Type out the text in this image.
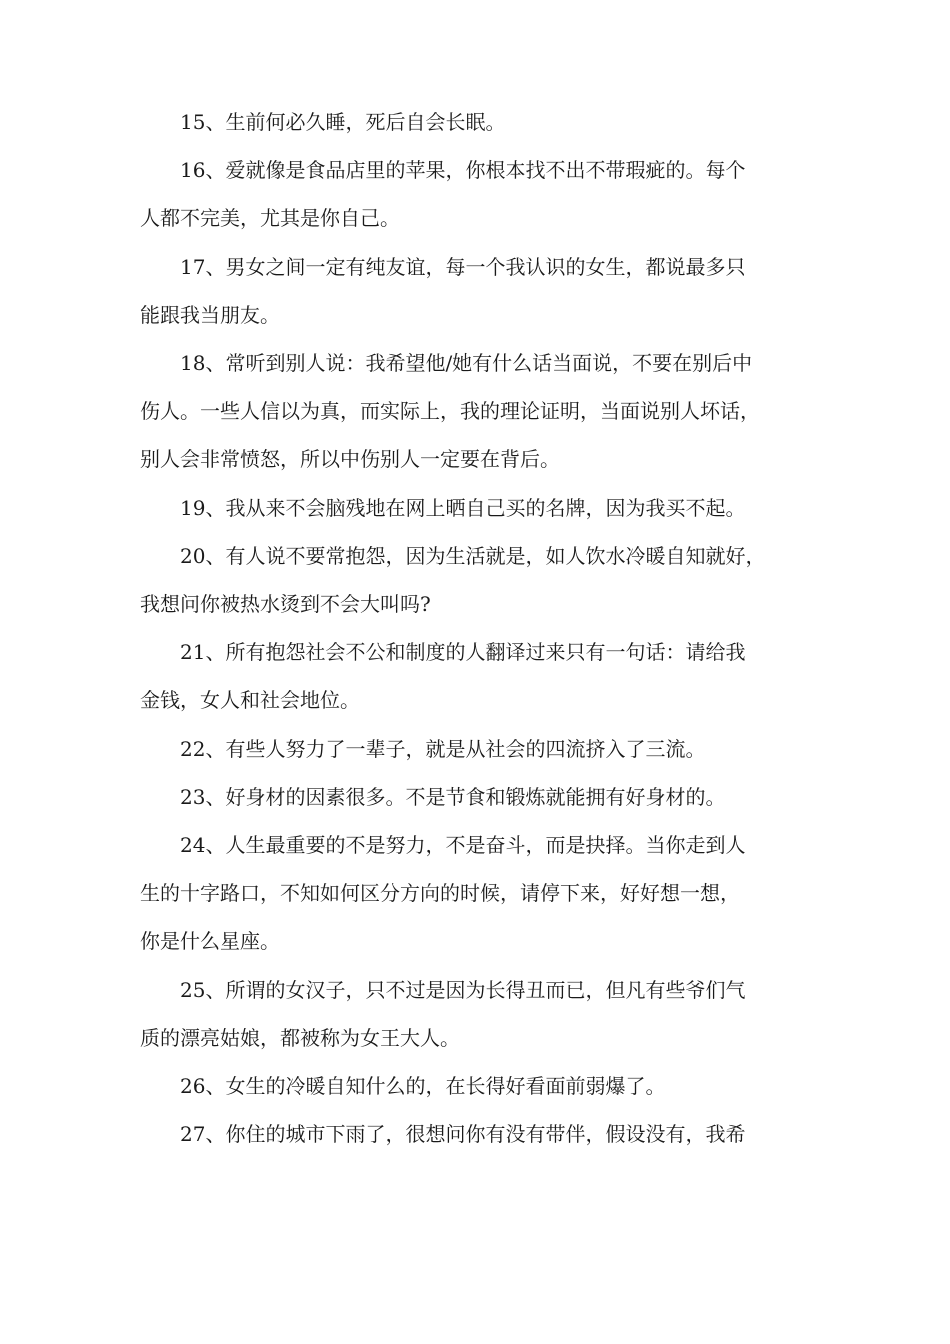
15、生前何必久睡，死后自会长眠。

16、爱就像是食品店里的苹果，你根本找不出不带瑕疵的。每个
人都不完美，尤其是你自己。

17、男女之间一定有纯友谊，每一个我认识的女生，都说最多只
能跟我当朋友。

18、常听到别人说：我希望他/她有什么话当面说，不要在别后中
伤人。一些人信以为真，而实际上，我的理论证明，当面说别人坏话，
别人会非常愤怒，所以中伤别人一定要在背后。

19、我从来不会脑残地在网上晒自己买的名牌，因为我买不起。

20、有人说不要常抱怨，因为生活就是，如人饮水冷暖自知就好，
我想问你被热水烫到不会大叫吗?

21、所有抱怨社会不公和制度的人翻译过来只有一句话：请给我
金钱，女人和社会地位。

22、有些人努力了一辈子，就是从社会的四流挤入了三流。

23、好身材的因素很多。不是节食和锻炼就能拥有好身材的。

24、人生最重要的不是努力，不是奋斗，而是抉择。当你走到人
生的十字路口，不知如何区分方向的时候，请停下来，好好想一想，
你是什么星座。

25、所谓的女汉子，只不过是因为长得丑而已，但凡有些爷们气
质的漂亮姑娘，都被称为女王大人。

26、女生的冷暖自知什么的，在长得好看面前弱爆了。

27、你住的城市下雨了，很想问你有没有带伴，假设没有，我希
